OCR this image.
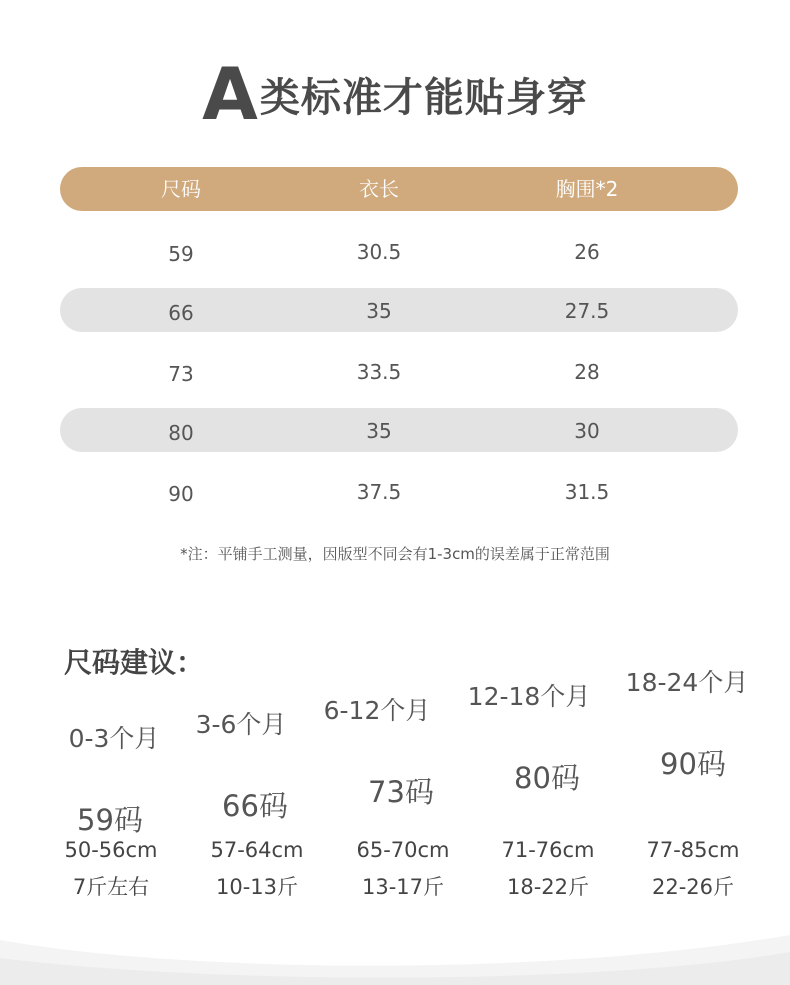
A 类标准才能贴身穿
尺码	衣长	胸围*2
59	30.5	26
66	35	27.5
73	33.5	28
80	35	30
90	37.5	31.5
*注：平铺手工测量，因版型不同会有1-3cm的误差属于正常范围
尺码建议：
0-3个月 3-6个月 6-12个月 12-18个月 18-24个月
59码	66码	73码	80码	90码
50-56cm	57-64cm	65-70cm 71-76cm 77-85cm
7斤左右	10-13斤	13-17斤	18-22斤	22-26斤
